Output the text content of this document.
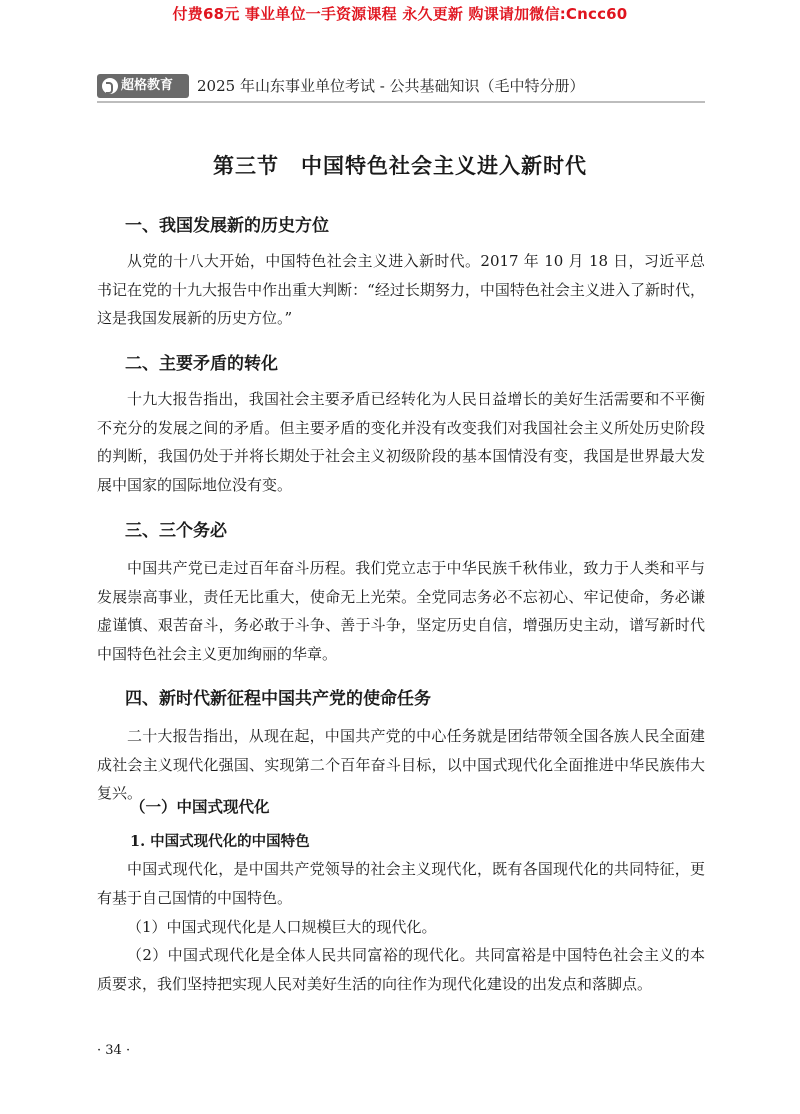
付费68元 事业单位一手资源课程 永久更新 购课请加微信:Cncc60
超格教育 2025 年山东事业单位考试 - 公共基础知识（毛中特分册）
第三节　中国特色社会主义进入新时代
一、我国发展新的历史方位
从党的十八大开始，中国特色社会主义进入新时代。2017 年 10 月 18 日，习近平总书记在党的十九大报告中作出重大判断：“经过长期努力，中国特色社会主义进入了新时代，这是我国发展新的历史方位。”
二、主要矛盾的转化
十九大报告指出，我国社会主要矛盾已经转化为人民日益增长的美好生活需要和不平衡不充分的发展之间的矛盾。但主要矛盾的变化并没有改变我们对我国社会主义所处历史阶段的判断，我国仍处于并将长期处于社会主义初级阶段的基本国情没有变，我国是世界最大发展中国家的国际地位没有变。
三、三个务必
中国共产党已走过百年奋斗历程。我们党立志于中华民族千秋伟业，致力于人类和平与发展崇高事业，责任无比重大，使命无上光荣。全党同志务必不忘初心、牢记使命，务必谦虚谨慎、艰苦奋斗，务必敢于斗争、善于斗争，坚定历史自信，增强历史主动，谱写新时代中国特色社会主义更加绚丽的华章。
四、新时代新征程中国共产党的使命任务
二十大报告指出，从现在起，中国共产党的中心任务就是团结带领全国各族人民全面建成社会主义现代化强国、实现第二个百年奋斗目标，以中国式现代化全面推进中华民族伟大复兴。
（一）中国式现代化
1. 中国式现代化的中国特色
中国式现代化，是中国共产党领导的社会主义现代化，既有各国现代化的共同特征，更有基于自己国情的中国特色。
（1）中国式现代化是人口规模巨大的现代化。
（2）中国式现代化是全体人民共同富裕的现代化。共同富裕是中国特色社会主义的本质要求，我们坚持把实现人民对美好生活的向往作为现代化建设的出发点和落脚点。
· 34 ·
